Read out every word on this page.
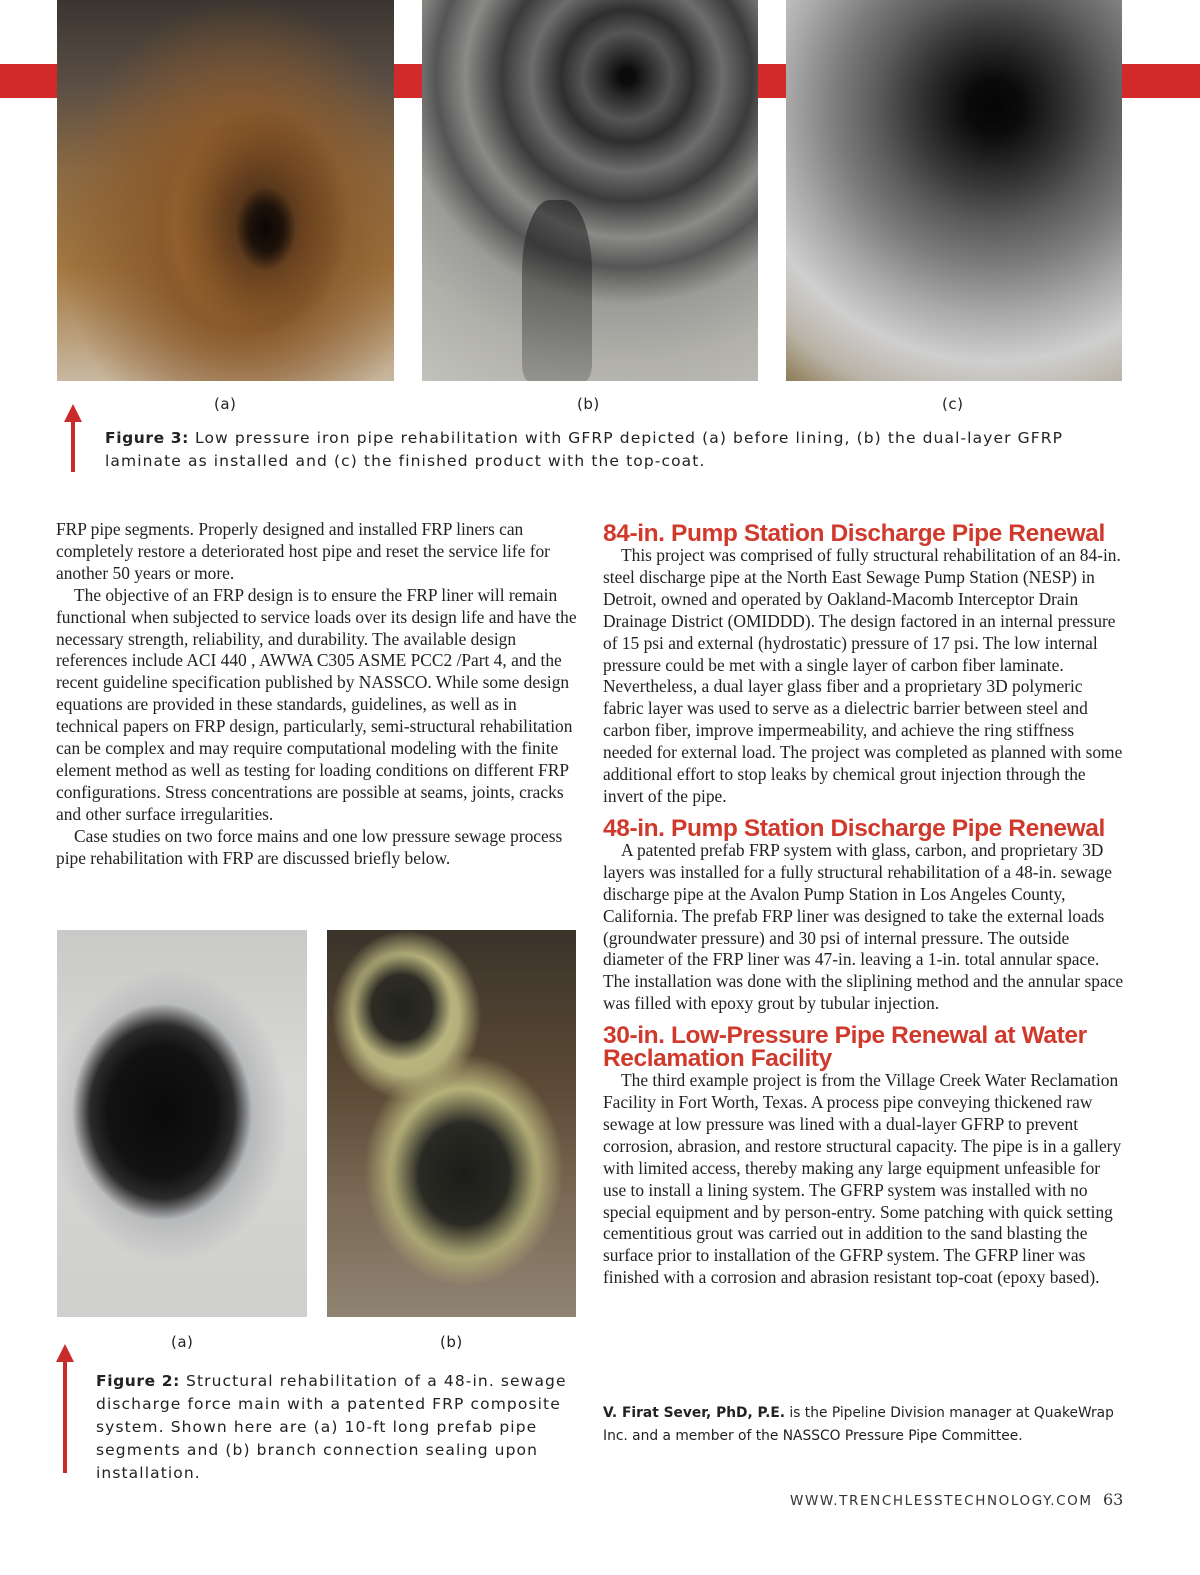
(a)	(b)	(c)
Figure 3: Low pressure iron pipe rehabilitation with GFRP depicted (a) before lining, (b) the dual-layer GFRP laminate as installed and (c) the finished product with the top-coat.

FRP pipe segments. Properly designed and installed FRP liners can completely restore a deteriorated host pipe and reset the service life for another 50 years or more.

The objective of an FRP design is to ensure the FRP liner will remain functional when subjected to service loads over its design life and have the necessary strength, reliability, and durability. The available design references include ACI 440 , AWWA C305 ASME PCC2 /Part 4, and the recent guideline specification published by NASSCO. While some design equations are provided in these standards, guidelines, as well as in technical papers on FRP design, particularly, semi-structural rehabilitation can be complex and may require computational modeling with the finite element method as well as testing for loading conditions on different FRP configurations. Stress concentrations are possible at seams, joints, cracks and other surface irregularities.

Case studies on two force mains and one low pressure sewage process pipe rehabilitation with FRP are discussed briefly below.

(a)	(b)
Figure 2: Structural rehabilitation of a 48-in. sewage discharge force main with a patented FRP composite system. Shown here are (a) 10-ft long prefab pipe segments and (b) branch connection sealing upon installation.
84-in. Pump Station Discharge Pipe Renewal

This project was comprised of fully structural rehabilitation of an 84-in. steel discharge pipe at the North East Sewage Pump Station (NESP) in Detroit, owned and operated by Oakland-Macomb Interceptor Drain Drainage District (OMIDDD). The design factored in an internal pressure of 15 psi and external (hydrostatic) pressure of 17 psi. The low internal pressure could be met with a single layer of carbon fiber laminate. Nevertheless, a dual layer glass fiber and a proprietary 3D polymeric fabric layer was used to serve as a dielectric barrier between steel and carbon fiber, improve impermeability, and achieve the ring stiffness needed for external load. The project was completed as planned with some additional effort to stop leaks by chemical grout injection through the invert of the pipe.

48-in. Pump Station Discharge Pipe Renewal

A patented prefab FRP system with glass, carbon, and proprietary 3D layers was installed for a fully structural rehabilitation of a 48-in. sewage discharge pipe at the Avalon Pump Station in Los Angeles County, California. The prefab FRP liner was designed to take the external loads (groundwater pressure) and 30 psi of internal pressure. The outside diameter of the FRP liner was 47-in. leaving a 1-in. total annular space. The installation was done with the sliplining method and the annular space was filled with epoxy grout by tubular injection.

30-in. Low-Pressure Pipe Renewal at Water Reclamation Facility

The third example project is from the Village Creek Water Reclamation Facility in Fort Worth, Texas. A process pipe conveying thickened raw sewage at low pressure was lined with a dual-layer GFRP to prevent corrosion, abrasion, and restore structural capacity. The pipe is in a gallery with limited access, thereby making any large equipment unfeasible for use to install a lining system. The GFRP system was installed with no special equipment and by person-entry. Some patching with quick setting cementitious grout was carried out in addition to the sand blasting the surface prior to installation of the GFRP system. The GFRP liner was finished with a corrosion and abrasion resistant top-coat (epoxy based).

V. Firat Sever, PhD, P.E. is the Pipeline Division manager at QuakeWrap Inc. and a member of the NASSCO Pressure Pipe Committee.
WWW.TRENCHLESSTECHNOLOGY.COM 63
